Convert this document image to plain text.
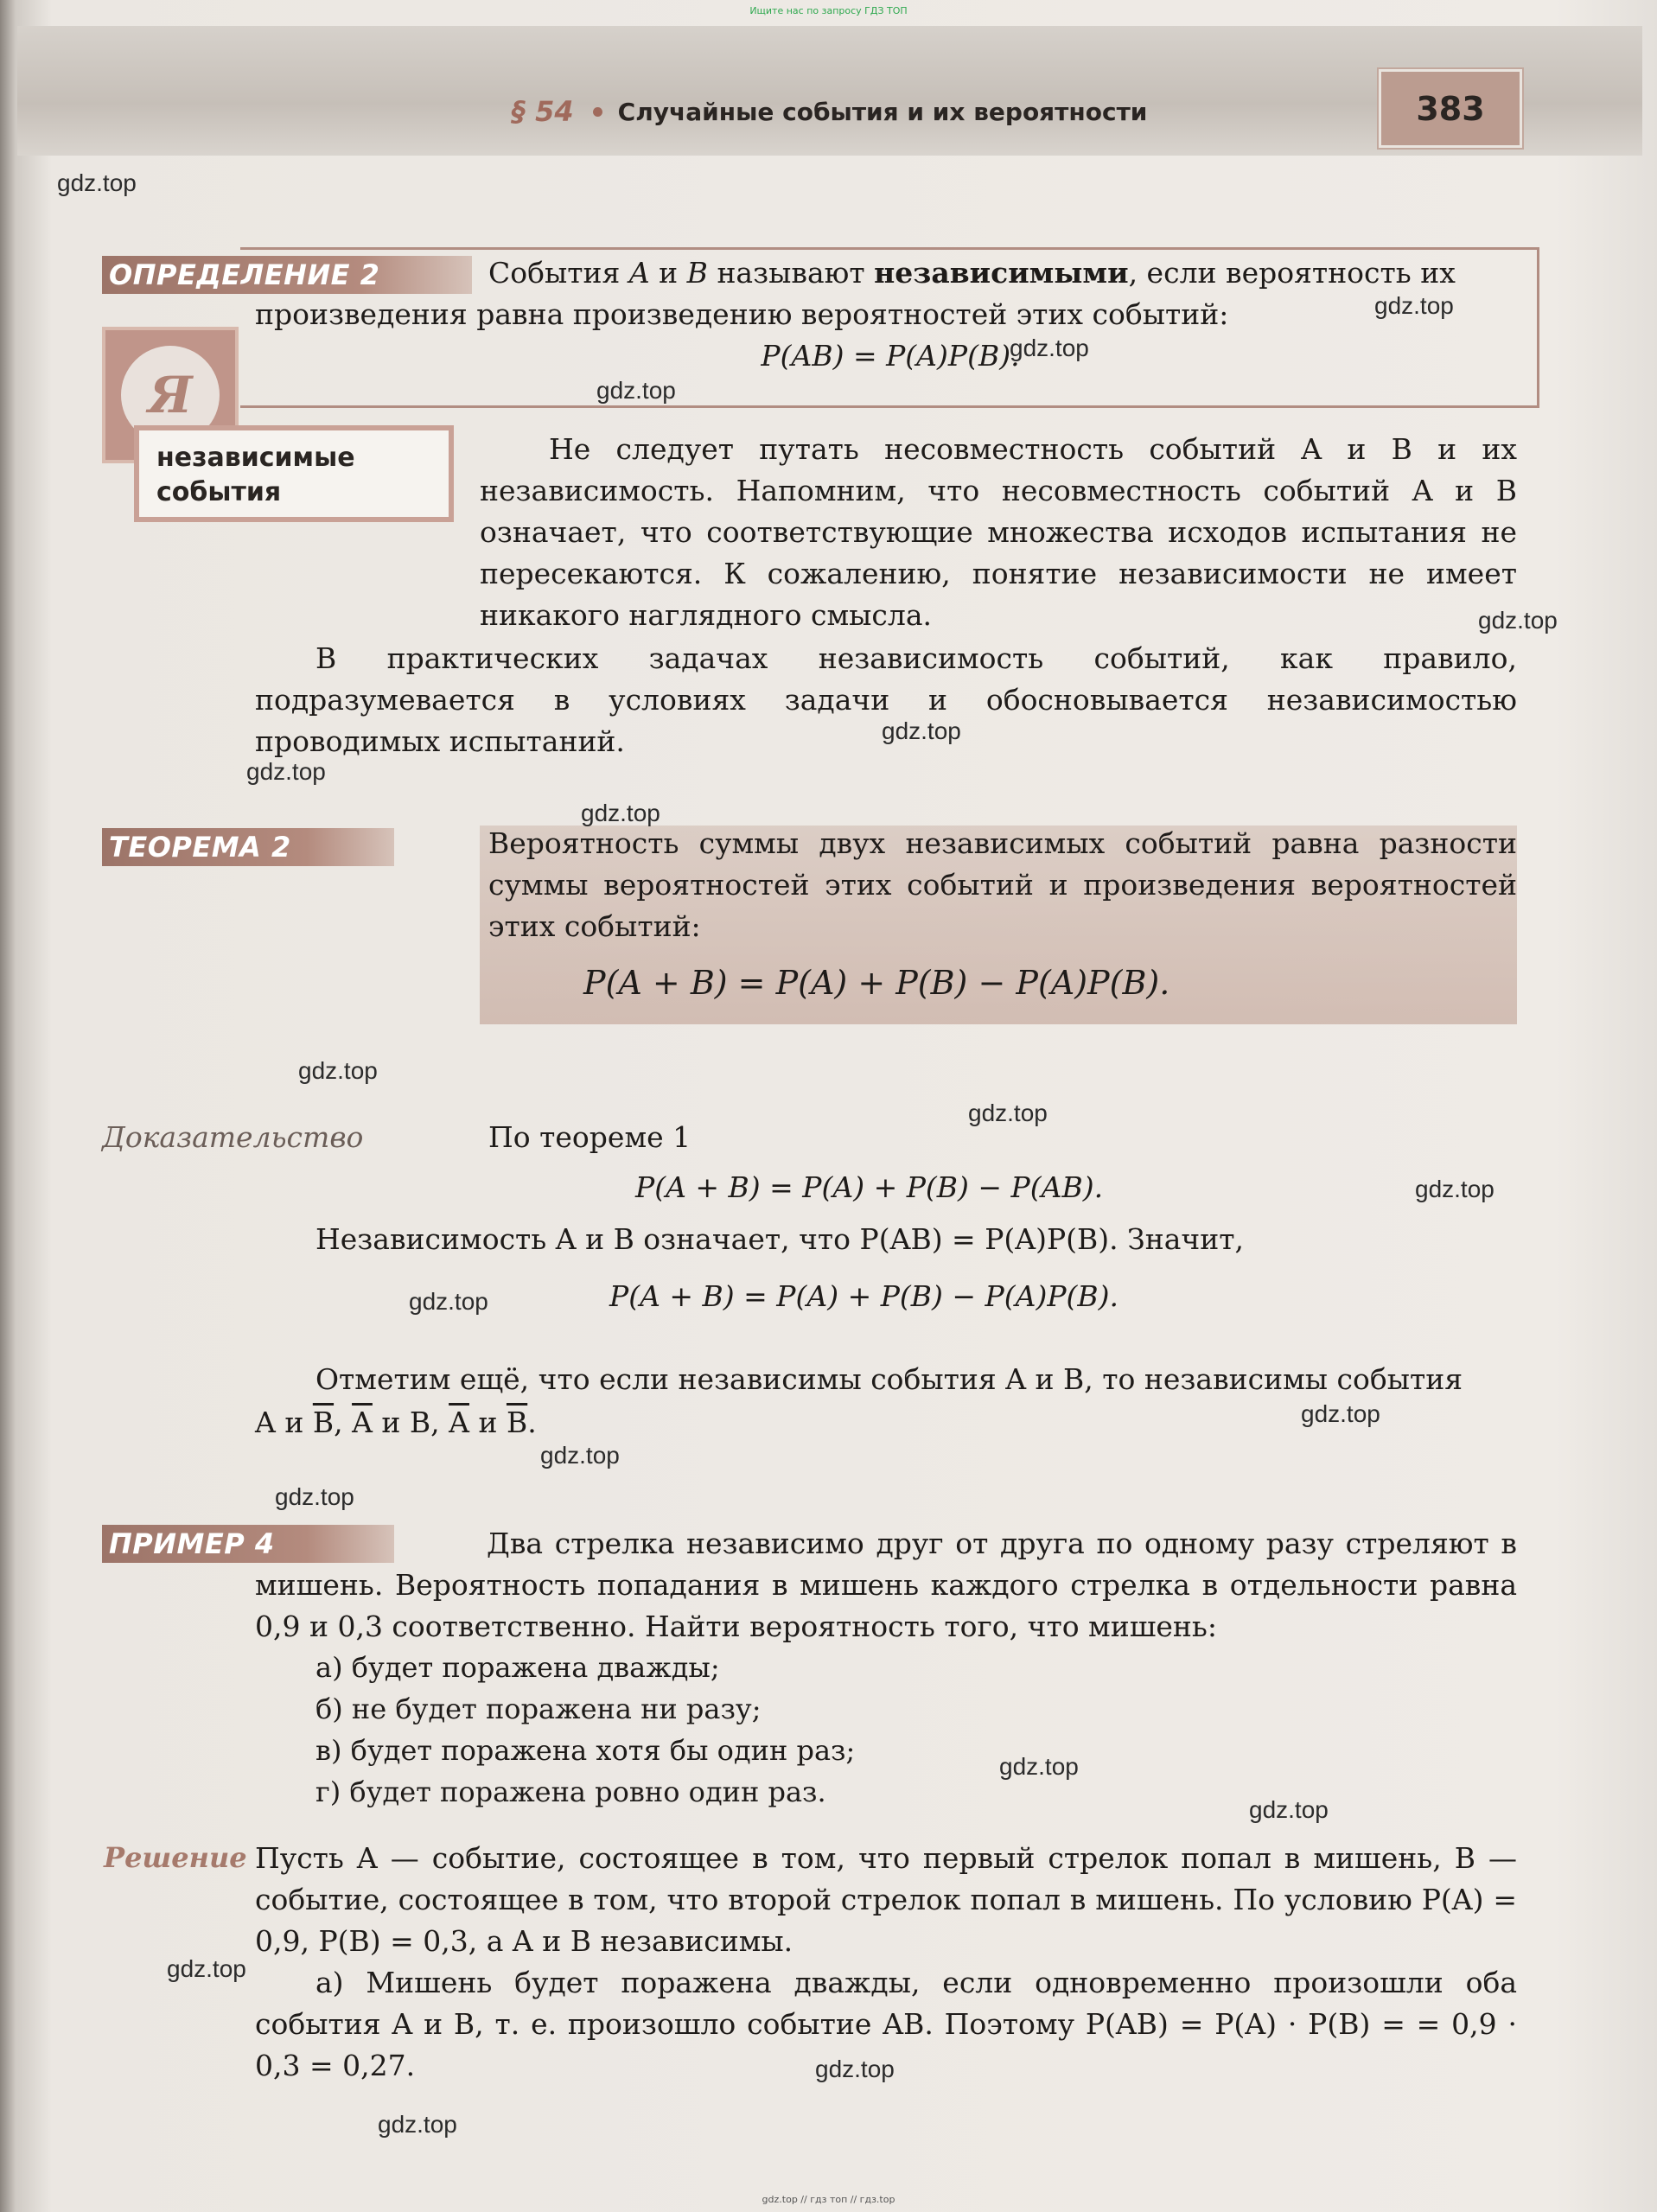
Ищите нас по запросу ГДЗ ТОП
§ 54 Случайные события и их вероятности	383
ОПРЕДЕЛЕНИЕ 2	События A и B называют независимыми, если вероятность их
произведения равна произведению вероятностей этих событий:
P(AB) = P(A)P(B).
Я
независимые
события
Не следует путать несовместность событий A и B и их независимость. Напомним, что несовместность событий A и B означает, что соответствующие множества исходов испытания не пересекаются. К сожалению, понятие независимости не имеет никакого наглядного смысла.
В практических задачах независимость событий, как правило, подразумевается в условиях задачи и обосновывается независимостью проводимых испытаний.
ТЕОРЕМА 2	Вероятность суммы двух независимых событий равна разности суммы вероятностей этих событий и произведения вероятностей этих событий:
P(A + B) = P(A) + P(B) − P(A)P(B).
Доказательство	По теореме 1
P(A + B) = P(A) + P(B) − P(AB).
Независимость A и B означает, что P(AB) = P(A)P(B). Значит,
P(A + B) = P(A) + P(B) − P(A)P(B).
Отметим ещё, что если независимы события A и B, то независимы события
A и $\overline{B}$, $\overline{A}$ и B, $\overline{A}$ и $\overline{B}$.
ПРИМЕР 4	Два стрелка независимо друг от друга по одному разу стреляют в мишень. Вероятность попадания в мишень каждого стрелка в отдельности равна 0,9 и 0,3 соответственно. Найти вероятность того, что мишень:
а) будет поражена дважды;
б) не будет поражена ни разу;
в) будет поражена хотя бы один раз;
г) будет поражена ровно один раз.
Решение Пусть A — событие, состоящее в том, что первый стрелок попал в мишень, B — событие, состоящее в том, что второй стрелок попал в мишень. По условию P(A) = 0,9, P(B) = 0,3, а A и B независимы.
а) Мишень будет поражена дважды, если одновременно произошли оба события A и B, т. е. произошло событие AB. Поэтому P(AB) = P(A) · P(B) = = 0,9 · 0,3 = 0,27.
gdz.top
gdz.top
gdz.top
gdz.top
gdz.top
gdz.top
gdz.top
gdz.top
gdz.top
gdz.top
gdz.top
gdz.top
gdz.top
gdz.top
gdz.top
gdz.top
gdz.top
gdz.top
gdz.top
gdz.top
gdz.top // гдз топ // гдз.top
